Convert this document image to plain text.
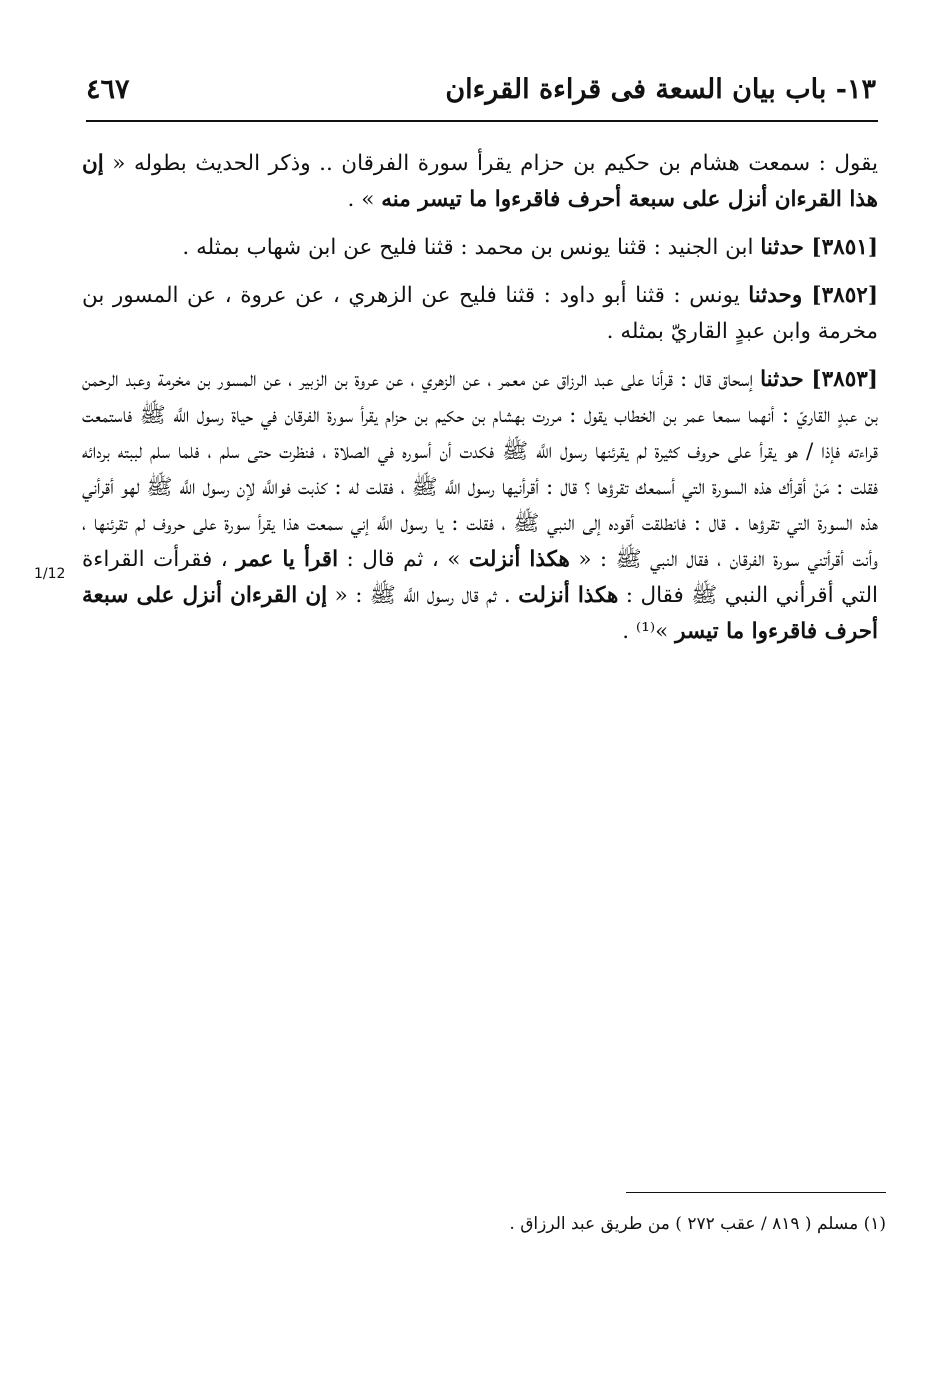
١٣- باب بيان السعة فى قراءة القرءان
٤٦٧
1/12

يقول : سمعت هشام بن حكيم بن حزام يقرأ سورة الفرقان .. وذكر الحديث بطوله « إن هذا القرءان أنزل على سبعة أحرف فاقرءوا ما تيسر منه » .

[٣٨٥١] حدثنا ابن الجنيد : قثنا يونس بن محمد : قثنا فليح عن ابن شهاب بمثله .

[٣٨٥٢] وحدثنا يونس : قثنا أبو داود : قثنا فليح عن الزهري ، عن عروة ، عن المسور بن مخرمة وابن عبدٍ القاريّ بمثله .

[٣٨٥٣] حدثنا إسحاق قال : قرأنا على عبد الرزاق عن معمر ، عن الزهري ، عن عروة بن الزبير ، عن المسور بن مخرمة وعبد الرحمن بن عبدٍ القاريّ : أنهما سمعا عمر بن الخطاب يقول : مررت بهشام بن حكيم بن حزام يقرأ سورة الفرقان في حياة رسول اللَّه ﷺ فاستمعت قراءته فإذا / هو يقرأ على حروف كثيرة لم يقرئنها رسول اللَّه ﷺ فكدت أن أسوره في الصلاة ، فنظرت حتى سلم ، فلما سلم لببته بردائه فقلت : مَنْ أقرأك هذه السورة التي أسمعك تقرؤها ؟ قال : أقرأنيها رسول اللَّه ﷺ ، فقلت له : كذبت فواللَّه لإن رسول اللَّه ﷺ لهو أقرأني هذه السورة التي تقرؤها . قال : فانطلقت أقوده إلى النبي ﷺ ، فقلت : يا رسول اللَّه إني سمعت هذا يقرأ سورة على حروف لم تقرئنها ، وأنت أقرأتني سورة الفرقان ، فقال النبي ﷺ : « هكذا أنزلت » ، ثم قال : اقرأ يا عمر ، فقرأت القراءة التي أقرأني النبي ﷺ فقال : هكذا أنزلت . ثم قال رسول اللَّه ﷺ : « إن القرءان أنزل على سبعة أحرف فاقرءوا ما تيسر »⁽¹⁾ .

(١) مسلم ( ٨١٩ / عقب ٢٧٢ ) من طريق عبد الرزاق .
